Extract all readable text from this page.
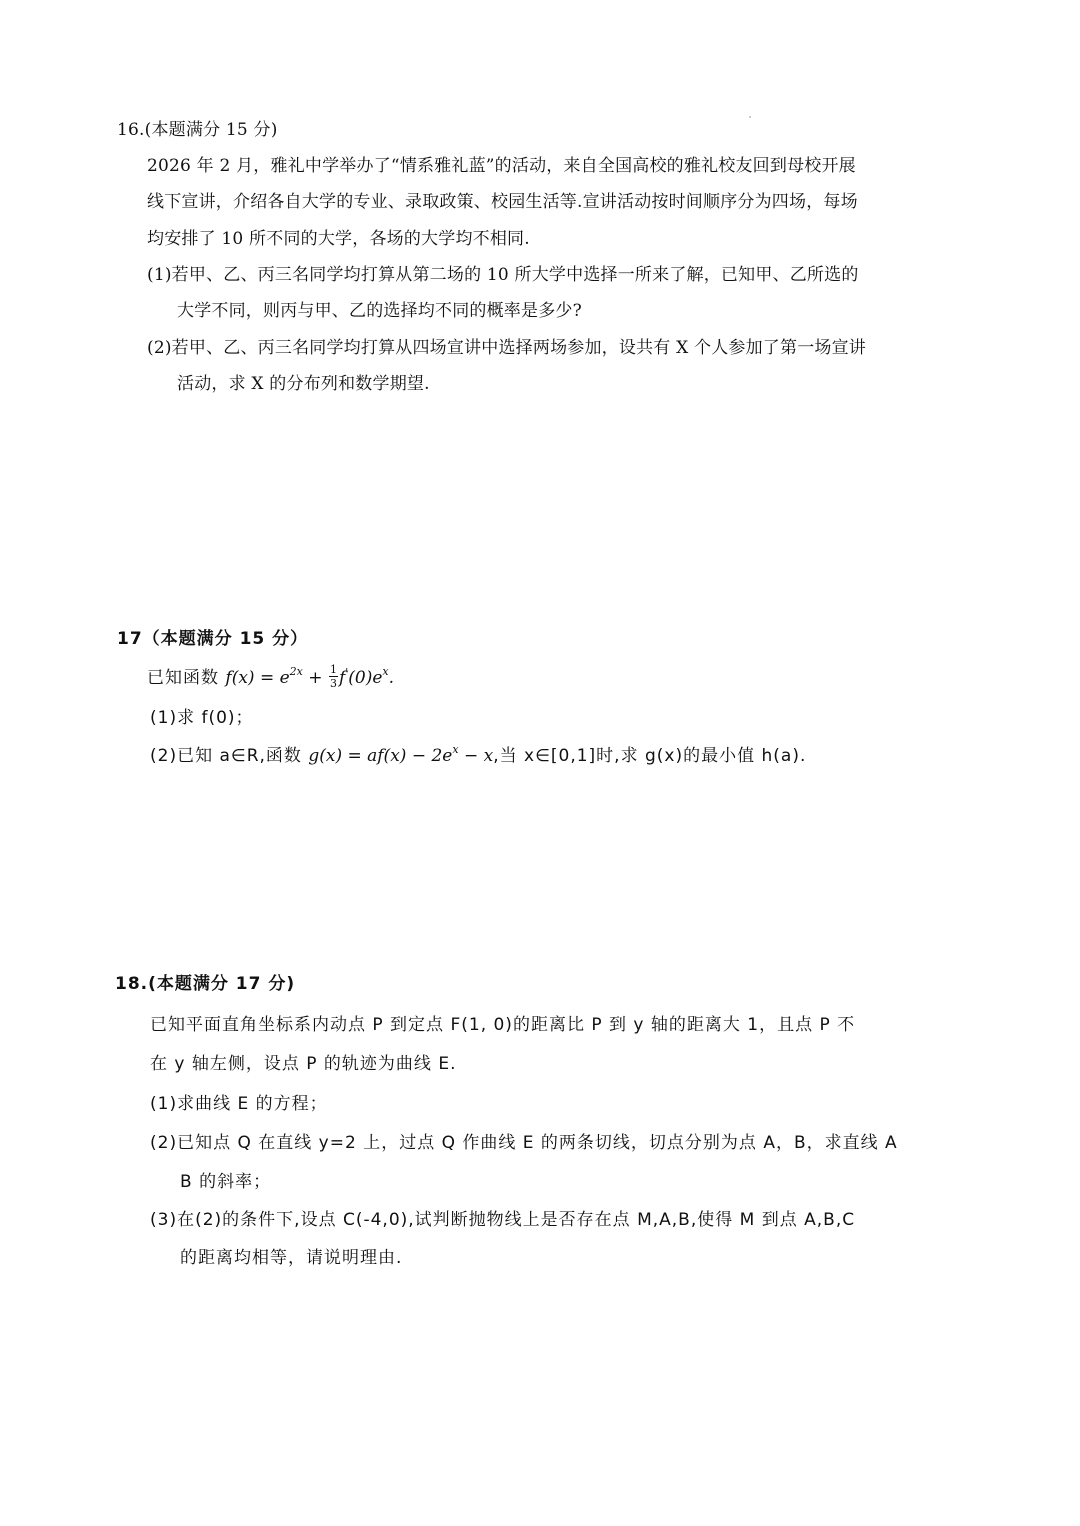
16.(本题满分 15 分)
2026 年 2 月，雅礼中学举办了“情系雅礼蓝”的活动，来自全国高校的雅礼校友回到母校开展
线下宣讲，介绍各自大学的专业、录取政策、校园生活等.宣讲活动按时间顺序分为四场，每场
均安排了 10 所不同的大学，各场的大学均不相同.
(1)若甲、乙、丙三名同学均打算从第二场的 10 所大学中选择一所来了解，已知甲、乙所选的
大学不同，则丙与甲、乙的选择均不同的概率是多少?
(2)若甲、乙、丙三名同学均打算从四场宣讲中选择两场参加，设共有 X 个人参加了第一场宣讲
活动，求 X 的分布列和数学期望.
17（本题满分 15 分）
已知函数 $f(x) = e^{2x} + \frac{1}{3} f'(0)e^x$.
(1)求 f(0)；
(2)已知 a∈R,函数 $g(x) = af(x) - 2e^x - x$,当 x∈[0,1]时,求 g(x)的最小值 h(a).
18.(本题满分 17 分)
已知平面直角坐标系内动点 P 到定点 F(1, 0)的距离比 P 到 y 轴的距离大 1，且点 P 不
在 y 轴左侧，设点 P 的轨迹为曲线 E.
(1)求曲线 E 的方程；
(2)已知点 Q 在直线 y=2 上，过点 Q 作曲线 E 的两条切线，切点分别为点 A，B，求直线 A
B 的斜率；
(3)在(2)的条件下,设点 C(-4,0),试判断抛物线上是否存在点 M,A,B,使得 M 到点 A,B,C
的距离均相等，请说明理由.
